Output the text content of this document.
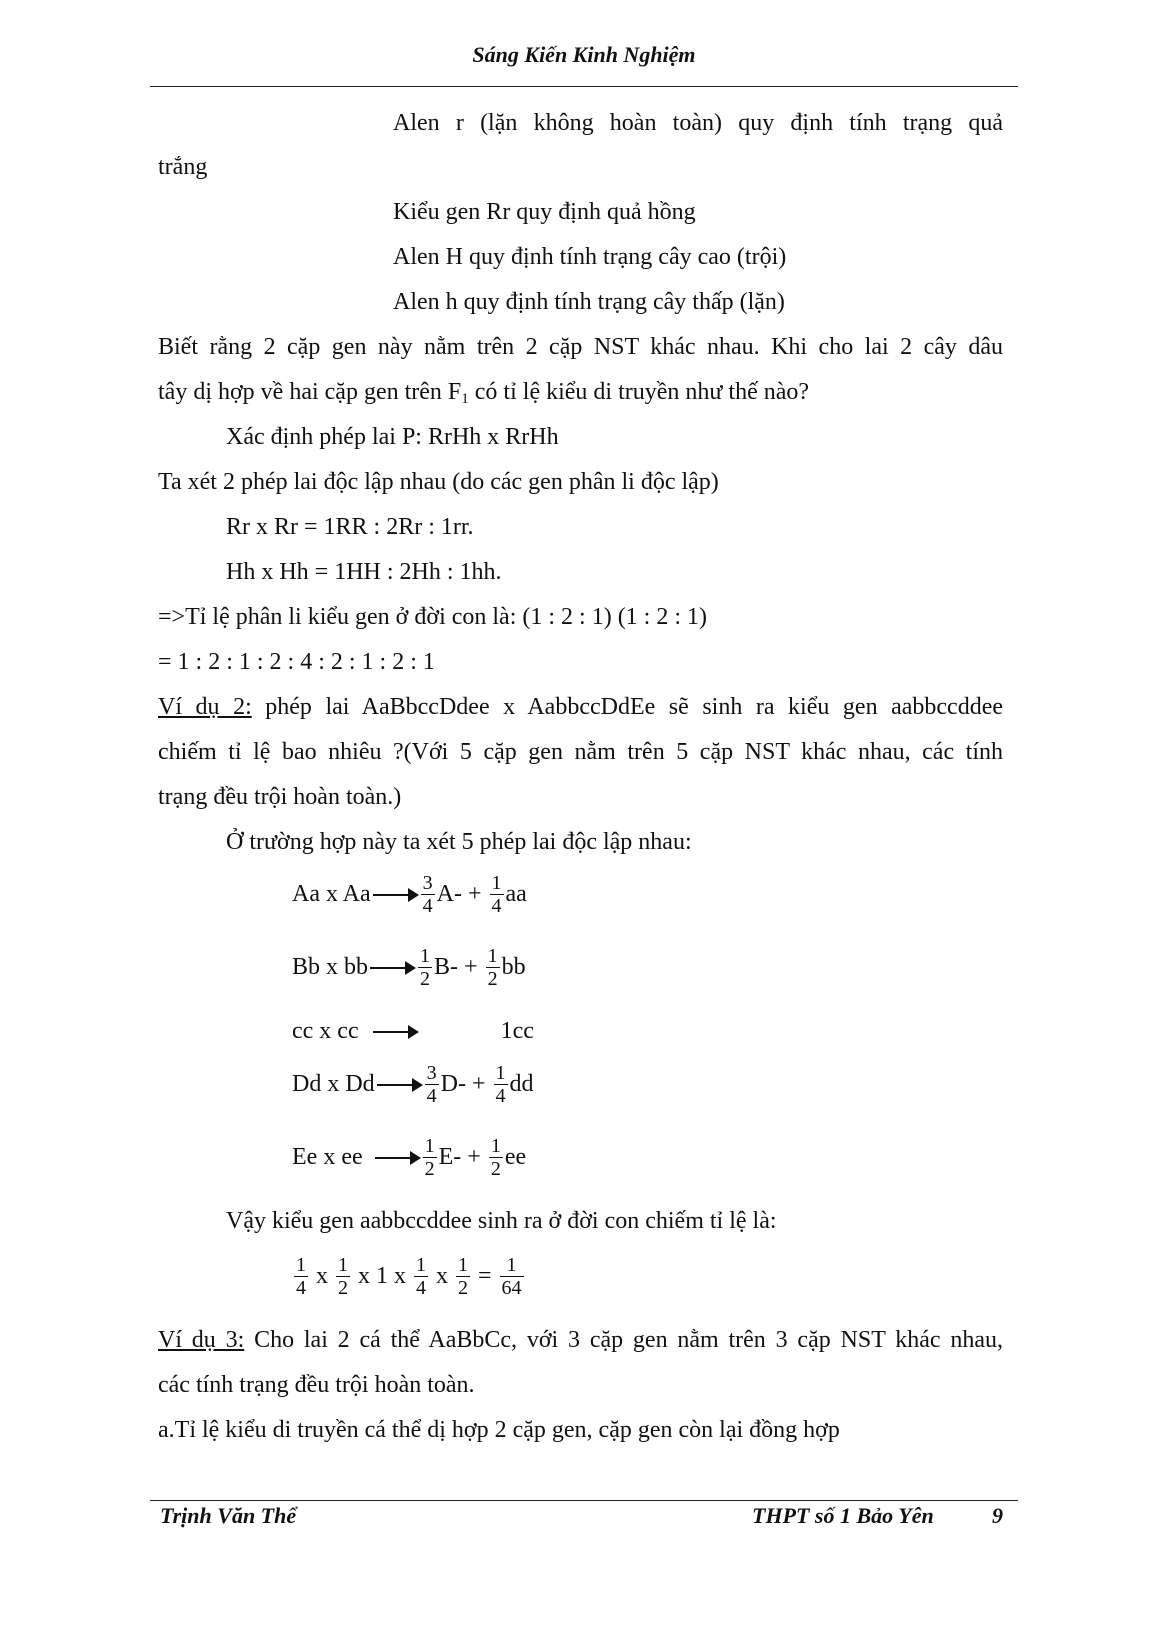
Sáng Kiến Kinh Nghiệm
Alen r (lặn không hoàn toàn) quy định tính trạng quả
trắng
Kiểu gen Rr quy định quả hồng
Alen H quy định tính trạng cây cao (trội)
Alen h quy định tính trạng cây thấp (lặn)
Biết rằng 2 cặp gen này nằm trên 2 cặp NST khác nhau. Khi cho lai 2 cây dâu
tây dị hợp về hai cặp gen trên $F_1$ có tỉ lệ kiểu di truyền như thế nào?
Xác định phép lai P: RrHh x RrHh
Ta xét 2 phép lai độc lập nhau (do các gen phân li độc lập)
Rr x Rr = 1RR : 2Rr : 1rr.
Hh x Hh = 1HH : 2Hh : 1hh.
=>Tỉ lệ phân li kiểu gen ở đời con là: (1 : 2 : 1) (1 : 2 : 1)
= 1 : 2 : 1 : 2 : 4 : 2 : 1 : 2 : 1
Ví dụ 2: phép lai AaBbccDdee x AabbccDdEe sẽ sinh ra kiểu gen aabbccddee
chiếm tỉ lệ bao nhiêu ?(Với 5 cặp gen nằm trên 5 cặp NST khác nhau, các tính
trạng đều trội hoàn toàn.)
Ở trường hợp này ta xét 5 phép lai độc lập nhau:
Aa x Aa	$\frac{3}{4} A-$ +
$\frac{1}{4}$ aa
Bb x bb	$\frac{1}{2} B-$ +
$\frac{1}{2}$ bb
cc x cc	1cc
Dd x Dd	$\frac{3}{4} D-$ +
$\frac{1}{4}$ dd
Ee x ee	$\frac{1}{2} E-$ +
$\frac{1}{2}$ ee
Vậy kiểu gen aabbccddee sinh ra ở đời con chiếm tỉ lệ là:
$\frac{1}{4}$
x
$\frac{1}{2}$
x 1 x
$\frac{1}{4}$
x
$\frac{1}{2}$
=
$\frac{1}{64}$
Ví dụ 3: Cho lai 2 cá thể AaBbCc, với 3 cặp gen nằm trên 3 cặp NST khác nhau,
các tính trạng đều trội hoàn toàn.
a.Tỉ lệ kiểu di truyền cá thể dị hợp 2 cặp gen, cặp gen còn lại đồng hợp
Trịnh Văn Thể	THPT số 1 Bảo Yên	9
